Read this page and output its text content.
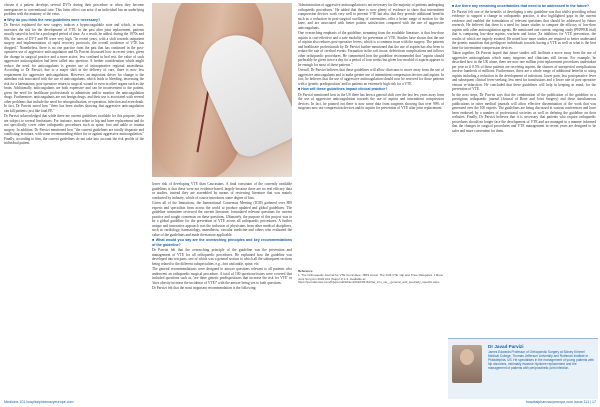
chosen if a patient develops several DVTs during their procedure or when they become unresponsive to conventional care. This latter effect can arise if an individual has an underlying problem with the anatomy of the veins.

■ Why do you think the new guidelines were necessary?

Dr Parvizi explained the new surgery induces a hypercoagulable state and which, in turn, increases the risk for the development of VTE. In the past after joint replacement, patients usually stayed in bed for a prolonged period of time. As a result, he added, during the 1970s and 80s, the rates of DVT and PE were very high. "In recent years, with a shift towards outpatient surgery and implementation of rapid recovery protocols, the overall incidence of VTE has dropped." Nonetheless, there is no one practice from the past that has continued in the post-operative use of aggressive anticoagulation and Dr Parvizi discussed how in recent years, given the change in surgical practice and a more active, less confined to bed rest, the value of such aggressive anticoagulation had been called into question. A further consideration which might reduce the need for anticoagulants is greater use of intraoperative regional anaesthesia. According to Dr Parvizi, due to a major shift in the delivery of care, there is now less requirement for aggressive anticoagulation. However, an important driver for change is the attendant risk associated with the use of anticoagulants, which leads to bleeding, increasing the risk for a haematoma, post-operative return to surgical wound or even in other organs such as the brain. Additionally, anticoagulants are both expensive and can be inconvenient to the patient, given the need for healthcare professionals to administer and/or monitor the anticoagulation drugs. Furthermore, anticoagulants are not benign drugs, and their use is associated with several other problems that include the need for rehospitalisation, re-operation, infection and even death. In fact, Dr Parvizi noted how "there has been studies showing that aggressive anticoagulation can kill patients, just like fatal PE."

Dr Parvizi acknowledged that while there are current guidelines available for this purpose, these are subject to several limitations. For instance, most relate to hip and knee replacement and do not specifically cover other orthopaedic procedures such as spine, foot and ankle or trauma surgery. In addition, Dr Parvizi mentioned how "the current guidelines are totally disparate and conflicting in nature, with some recommending either for or against aggressive anticoagulation." Finally, according to him, the current guidelines do not take into account the risk profile of the individual patient.

lower risk of developing VTE than Caucasians. A final constraint of the currently available guidelines is that these were not evidence-based, largely because there are no real efficacy data or studies, instead they are assembled by means of reviewing literature that was mainly conducted by industry, which of course introduces some degree of bias.

Given all of the limitations, the International Consensus Meeting (ICM) gathered over 800 experts and specialists from across the world to produce updated and global guidelines. The guideline committee reviewed the current literature, formulated relevant questions for current practice and sought consensus on these questions. Ultimately, the purpose of this project was to be a global guideline for the prevention of VTE across all orthopaedic procedures. A further unique and innovative approach was the inclusion of physicians from other medical disciplines, such as cardiology, haematology, anaesthesia, vascular medicine and others who evaluated the value of the guidelines and made them more applicable.

■ What would you say are the overarching principles and key recommendations of the guideline?

Dr Parvizi felt that the overarching principle of the guideline was the prevention and management of VTE for all orthopaedic procedures. He explained how the guideline was developed into ten parts, one of which was a general section to which all the subsequent sections being related to the different subspecialties, e.g., foot and ankle, spine, etc.

The general recommendations were designed to answer questions relevant to all patients who underwent an orthopaedic surgical procedure. A total of 100 questions/issues were covered that included questions such as, 'are there genetic predispositions that increase the risk for VTE' or 'does obesity increase the incidence of VTE?' with the answer being yes to both questions.

Dr Parvizi felt that the most important recommendation is the following:

'Administration of aggressive anticoagulation is not necessary for the majority of patients undergoing orthopaedic procedures.' He added that there is now plenty of evidence to show that intermittent compression devices work very well to prevent VTE but also that they provide additional benefits such as a reduction in post-surgical swelling of extremities, offer a better range of motion for the knee, and are associated with better patient satisfaction compared with the use of aggressive anticoagulants.

One overarching emphasis of the guideline, stemming from the available literature, is that low-dose aspirin is cost-effective and a safe modality for prevention of VTE. Studies have shown that the use of aspirin also reduces post-operative fevers, which is a common issue with the surgery. The patients and healthcare professionals by Dr Parvizi further mentioned that the use of aspirin has also been to reduce the rate of cerebral events. Formation in the soft tissue, deleterious complications and follows other orthopaedic procedures. He commented how the guideline recommended that "aspirin should preferably be given twice a day for a period of four weeks but given low morbid of aspirin appears to be enough for most of these patients."

Overall, Dr Parvizi believes that these guidelines will allow clinicians to move away from the use of aggressive anticoagulants and to make greater use of intermittent compression devices and aspirin. In fact, he believes that the use of aggressive anticoagulation should now be reserved for those patients with a 'genetic predisposition' and/or patients an extremely high risk for a VTE.

■ How will these guidelines impact clinical practice?

Dr Parvizi mentioned how in the US there has been a general shift over the last few years away from the use of aggressive anticoagulation towards the use of aspirin and intermittent compression devices. In fact, he pointed out there is now some data from surgeons showing that over 90% of surgeons now use compression devices and/or aspirin for prevention of VTE after joint replacement.

Reference
1. The Orthopaedic Journal for VTE Committee. JBJS Arrest. The ICM-VTE: Hip and Knee Delegates. J Bone Joint Surg Am 2022;104 (Suppl 1):1-3. Available at: https://journals.lww.com/jbjsjournal/fulltext/2022/03161/the_icm_vte__general_and_specialty_specific.aspx
■ Are there any remaining uncertainties that need to be addressed in the future?

Dr Parvizi felt one of the benefits of developing a new guideline was that whilst providing robust evidence to support a change in orthopaedic practice, it also highlighted gaps in the current evidence and enabled the formulation of relevant questions that should be addressed by future research. He believes that there is a need for future studies to compare the efficacy of low-dose aspirin with other anticoagulation agents. He mentioned one current, ongoing study (PEPPER trial) that is comparing low-dose aspirin, warfarin and factor Xa inhibitors for VTE prevention, the results of which are eagerly awaited. He noted how more studies are required to better understand the genetic mutations that predispose individuals towards having a VTE as well as what is the best time for intermittent compression devices.

Taken together, Dr Parvizi hoped that future studies will facilitate a move away from the use of aggressive anticoagulants which many surgeons and clinicians still favour. For example, he described how in the UK alone, there are now one million joint replacement procedures undertaken per year so if 0.5% of these patients are receiving aspirin, the chances of unexpected complications involve hundreds of millions. Furthermore, there are a whole range of additional benefits to using aspirin including a reduction in the development of infections, lower pain, less postoperative fever and subsequent clinical fever-seeking, less need for transfusions and a lower rate of post-operative venous re-infarction. He concluded that these guidelines will help in keeping in mind, for the prevention of VTE.

In the next steps, Dr Parvizi says that the combination of the publication of the guideline in a prestigious orthopaedic journal (Journal of Bone and Joint Surgery) and these simultaneous publications in other medical journals will allow effective dissemination of the work that was generated over the 100 experts. The guidelines are being discussed at various conferences and have been endorsed by a number of professional societies as well as defining the guideline on their websites. Finally, Dr Parvizi believes that it is necessary that patients who require orthopaedic procedures should no longer face the development of VTE and are managed in a manner informed that the changes in surgical procedures and VTE management in recent years are designed to be safer and more convenient for them.

Dr Javad Parvizi
James Edwards Professor of Orthopaedic Surgery at Sidney Kimmel Medical College, Thomas Jefferson University and Rothman Institute in Philadelphia, US. He specialises in the management of young patients with hip disorders, minimally invasive hip/knee replacement and the management of patients with periprosthetic joint infection.
Medicine 101 hospitalpharmacyeurope.com	hospitalpharmacyeurope.com Issue 111 | 17
